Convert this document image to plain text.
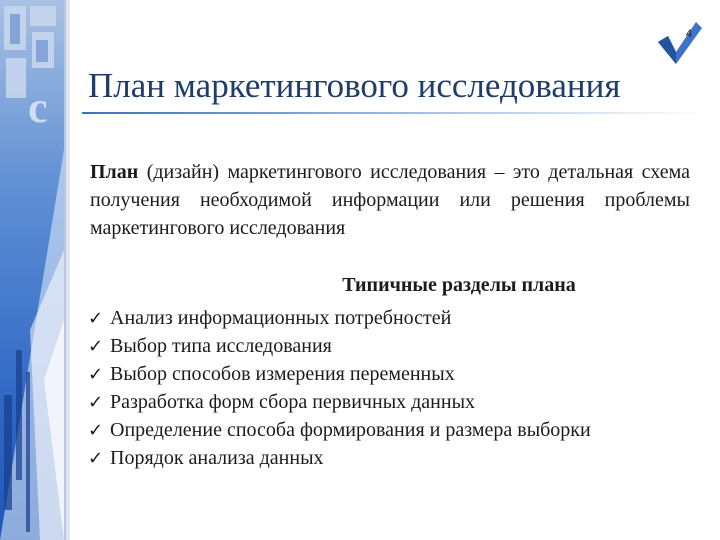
c
4
План маркетингового исследования
План (дизайн) маркетингового исследования – это детальная схема получения необходимой информации или решения проблемы маркетингового исследования
Типичные разделы плана
✓ Анализ информационных потребностей
✓ Выбор типа исследования
✓ Выбор способов измерения переменных
✓ Разработка форм сбора первичных данных
✓ Определение способа формирования и размера выборки
✓ Порядок анализа данных
